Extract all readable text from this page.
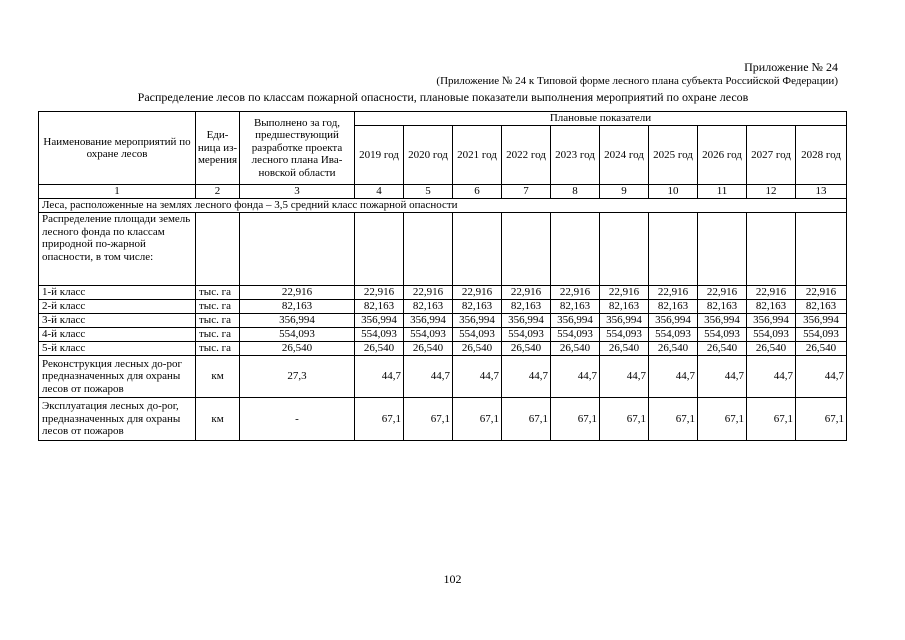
Приложение № 24
(Приложение № 24 к Типовой форме лесного плана субъекта Российской Федерации)
Распределение лесов по классам пожарной опасности, плановые показатели выполнения мероприятий по охране лесов
Наименование мероприятий по охране лесов	Еди-ница из-мерения	Выполнено за год, предшествующий разработке проекта лесного плана Ива-новской области	Плановые показатели									
			2019 год	2020 год	2021 год	2022 год	2023 год	2024 год	2025 год	2026 год	2027 год	2028 год
1	2	3	4	5	6	7	8	9	10	11	12	13
Леса, расположенные на землях лесного фонда – 3,5 средний класс пожарной опасности												
Распределение площади земель лесного фонда по классам природной по-жарной опасности, в том числе:												
1-й класс	тыс. га	22,916	22,916	22,916	22,916	22,916	22,916	22,916	22,916	22,916	22,916	22,916
2-й класс	тыс. га	82,163	82,163	82,163	82,163	82,163	82,163	82,163	82,163	82,163	82,163	82,163
3-й класс	тыс. га	356,994	356,994	356,994	356,994	356,994	356,994	356,994	356,994	356,994	356,994	356,994
4-й класс	тыс. га	554,093	554,093	554,093	554,093	554,093	554,093	554,093	554,093	554,093	554,093	554,093
5-й класс	тыс. га	26,540	26,540	26,540	26,540	26,540	26,540	26,540	26,540	26,540	26,540	26,540
Реконструкция лесных до-рог предназначенных для охраны лесов от пожаров	км	27,3	44,7	44,7	44,7	44,7	44,7	44,7	44,7	44,7	44,7	44,7
Эксплуатация лесных до-рог, предназначенных для охраны лесов от пожаров	км	-	67,1	67,1	67,1	67,1	67,1	67,1	67,1	67,1	67,1	67,1
102
